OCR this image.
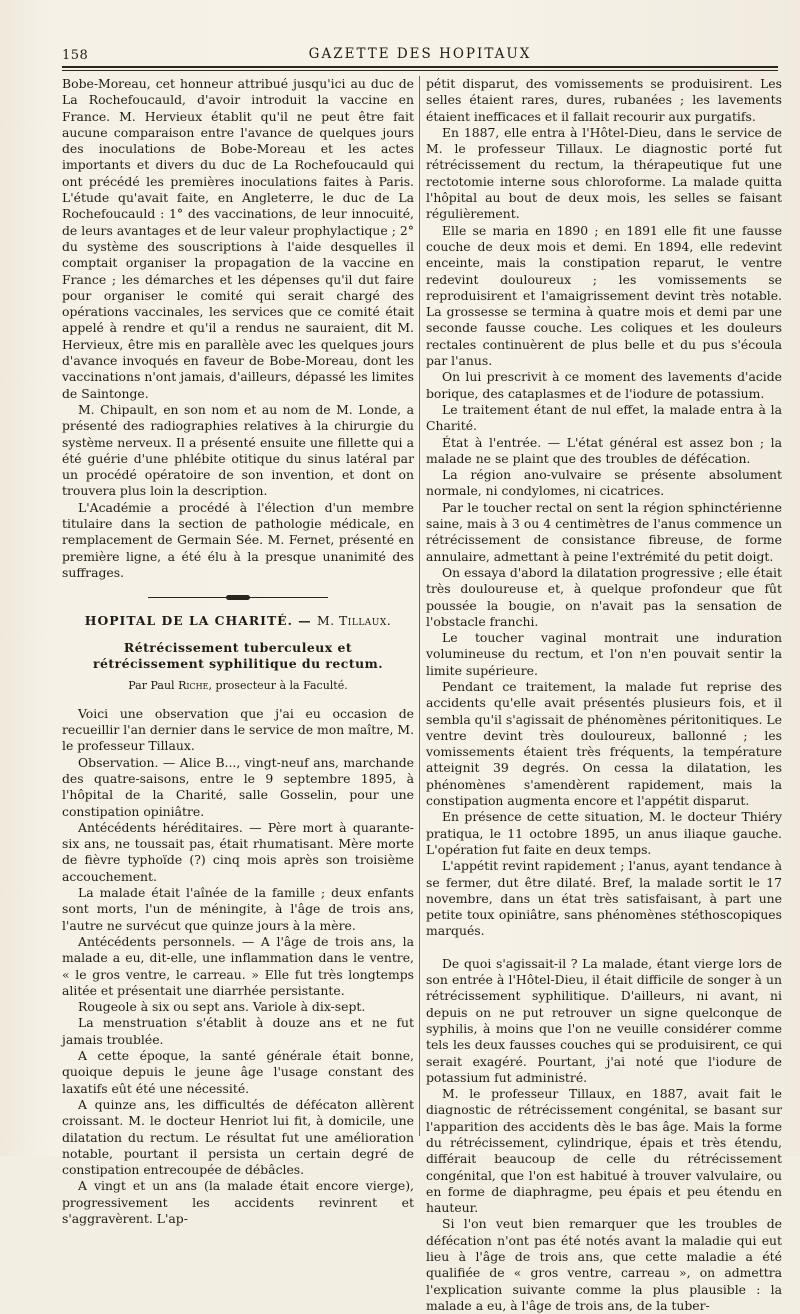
158	GAZETTE DES HOPITAUX

Bobe-Moreau, cet honneur attribué jusqu'ici au duc de La Rochefoucauld, d'avoir introduit la vaccine en France. M. Hervieux établit qu'il ne peut être fait aucune comparaison entre l'avance de quelques jours des inoculations de Bobe-Moreau et les actes importants et divers du duc de La Rochefoucauld qui ont précédé les premières inoculations faites à Paris. L'étude qu'avait faite, en Angleterre, le duc de La Rochefoucauld : 1° des vaccinations, de leur innocuité, de leurs avantages et de leur valeur prophylactique ; 2° du système des souscriptions à l'aide desquelles il comptait organiser la propagation de la vaccine en France ; les démarches et les dépenses qu'il dut faire pour organiser le comité qui serait chargé des opérations vaccinales, les services que ce comité était appelé à rendre et qu'il a rendus ne sauraient, dit M. Hervieux, être mis en parallèle avec les quelques jours d'avance invoqués en faveur de Bobe-Moreau, dont les vaccinations n'ont jamais, d'ailleurs, dépassé les limites de Saintonge.

M. Chipault, en son nom et au nom de M. Londe, a présenté des radiographies relatives à la chirurgie du système nerveux. Il a présenté ensuite une fillette qui a été guérie d'une phlébite otitique du sinus latéral par un procédé opératoire de son invention, et dont on trouvera plus loin la description.

L'Académie a procédé à l'élection d'un membre titulaire dans la section de pathologie médicale, en remplacement de Germain Sée. M. Fernet, présenté en première ligne, a été élu à la presque unanimité des suffrages.

HOPITAL DE LA CHARITÉ. — M. Tillaux.

Rétrécissement tuberculeux et rétrécissement syphilitique du rectum.

Par Paul Riche, prosecteur à la Faculté.

Voici une observation que j'ai eu occasion de recueillir l'an dernier dans le service de mon maître, M. le professeur Tillaux.

Observation. — Alice B..., vingt-neuf ans, marchande des quatre-saisons, entre le 9 septembre 1895, à l'hôpital de la Charité, salle Gosselin, pour une constipation opiniâtre.

Antécédents héréditaires. — Père mort à quarante-six ans, ne toussait pas, était rhumatisant. Mère morte de fièvre typhoïde (?) cinq mois après son troisième accouchement.

La malade était l'aînée de la famille ; deux enfants sont morts, l'un de méningite, à l'âge de trois ans, l'autre ne survécut que quinze jours à la mère.

Antécédents personnels. — A l'âge de trois ans, la malade a eu, dit-elle, une inflammation dans le ventre, « le gros ventre, le carreau. » Elle fut très longtemps alitée et présentait une diarrhée persistante.

Rougeole à six ou sept ans. Variole à dix-sept.

La menstruation s'établit à douze ans et ne fut jamais troublée.

A cette époque, la santé générale était bonne, quoique depuis le jeune âge l'usage constant des laxatifs eût été une nécessité.

A quinze ans, les difficultés de défécaton allèrent croissant. M. le docteur Henriot lui fit, à domicile, une dilatation du rectum. Le résultat fut une amélioration notable, pourtant il persista un certain degré de constipation entrecoupée de débâcles.

A vingt et un ans (la malade était encore vierge), progressivement les accidents revinrent et s'aggravèrent. L'ap-

pétit disparut, des vomissements se produisirent. Les selles étaient rares, dures, rubanées ; les lavements étaient inefficaces et il fallait recourir aux purgatifs.

En 1887, elle entra à l'Hôtel-Dieu, dans le service de M. le professeur Tillaux. Le diagnostic porté fut rétrécissement du rectum, la thérapeutique fut une rectotomie interne sous chloroforme. La malade quitta l'hôpital au bout de deux mois, les selles se faisant régulièrement.

Elle se maria en 1890 ; en 1891 elle fit une fausse couche de deux mois et demi. En 1894, elle redevint enceinte, mais la constipation reparut, le ventre redevint douloureux ; les vomissements se reproduisirent et l'amaigrissement devint très notable. La grossesse se termina à quatre mois et demi par une seconde fausse couche. Les coliques et les douleurs rectales continuèrent de plus belle et du pus s'écoula par l'anus.

On lui prescrivit à ce moment des lavements d'acide borique, des cataplasmes et de l'iodure de potassium.

Le traitement étant de nul effet, la malade entra à la Charité.

État à l'entrée. — L'état général est assez bon ; la malade ne se plaint que des troubles de défécation.

La région ano-vulvaire se présente absolument normale, ni condylomes, ni cicatrices.

Par le toucher rectal on sent la région sphinctérienne saine, mais à 3 ou 4 centimètres de l'anus commence un rétrécissement de consistance fibreuse, de forme annulaire, admettant à peine l'extrémité du petit doigt.

On essaya d'abord la dilatation progressive ; elle était très douloureuse et, à quelque profondeur que fût poussée la bougie, on n'avait pas la sensation de l'obstacle franchi.

Le toucher vaginal montrait une induration volumineuse du rectum, et l'on n'en pouvait sentir la limite supérieure.

Pendant ce traitement, la malade fut reprise des accidents qu'elle avait présentés plusieurs fois, et il sembla qu'il s'agissait de phénomènes péritonitiques. Le ventre devint très douloureux, ballonné ; les vomissements étaient très fréquents, la température atteignit 39 degrés. On cessa la dilatation, les phénomènes s'amendèrent rapidement, mais la constipation augmenta encore et l'appétit disparut.

En présence de cette situation, M. le docteur Thiéry pratiqua, le 11 octobre 1895, un anus iliaque gauche. L'opération fut faite en deux temps.

L'appétit revint rapidement ; l'anus, ayant tendance à se fermer, dut être dilaté. Bref, la malade sortit le 17 novembre, dans un état très satisfaisant, à part une petite toux opiniâtre, sans phénomènes stéthoscopiques marqués.

De quoi s'agissait-il ? La malade, étant vierge lors de son entrée à l'Hôtel-Dieu, il était difficile de songer à un rétrécissement syphilitique. D'ailleurs, ni avant, ni depuis on ne put retrouver un signe quelconque de syphilis, à moins que l'on ne veuille considérer comme tels les deux fausses couches qui se produisirent, ce qui serait exagéré. Pourtant, j'ai noté que l'iodure de potassium fut administré.

M. le professeur Tillaux, en 1887, avait fait le diagnostic de rétrécissement congénital, se basant sur l'apparition des accidents dès le bas âge. Mais la forme du rétrécissement, cylindrique, épais et très étendu, différait beaucoup de celle du rétrécissement congénital, que l'on est habitué à trouver valvulaire, ou en forme de diaphragme, peu épais et peu étendu en hauteur.

Si l'on veut bien remarquer que les troubles de défécation n'ont pas été notés avant la maladie qui eut lieu à l'âge de trois ans, que cette maladie a été qualifiée de « gros ventre, carreau », on admettra l'explication suivante comme la plus plausible : la malade a eu, à l'âge de trois ans, de la tuber-
